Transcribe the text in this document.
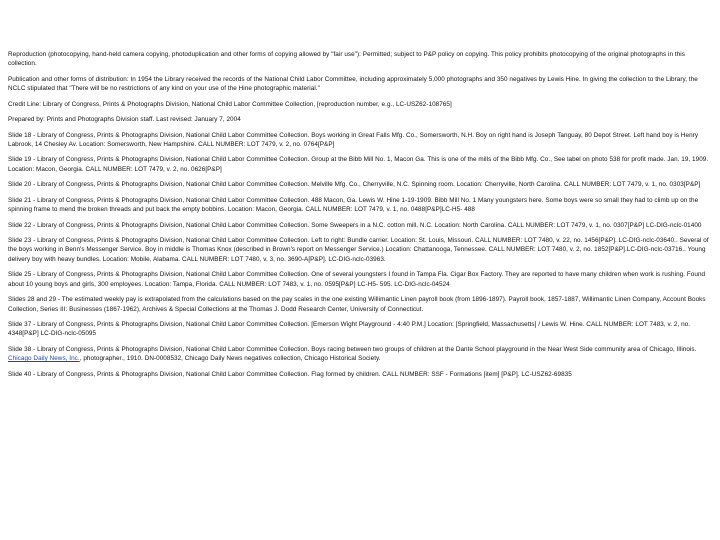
Reproduction (photocopying, hand-held camera copying, photoduplication and other forms of copying allowed by "fair use"): Permitted; subject to P&P policy on copying. This policy prohibits photocopying of the original photographs in this collection.

Publication and other forms of distribution: In 1954 the Library received the records of the National Child Labor Committee, including approximately 5,000 photographs and 350 negatives by Lewis Hine. In giving the collection to the Library, the NCLC stipulated that "There will be no restrictions of any kind on your use of the Hine photographic material."

Credit Line: Library of Congress, Prints & Photographs Division, National Child Labor Committee Collection, [reproduction number, e.g., LC-USZ62-108765]

Prepared by: Prints and Photographs Division staff. Last revised: January 7, 2004

Slide 18 - Library of Congress, Prints & Photographs Division, National Child Labor Committee Collection. Boys working in Great Falls Mfg. Co., Somersworth, N.H. Boy on right hand is Joseph Tanguay, 80 Depot Street. Left hand boy is Henry Labrook, 14 Chesley Av. Location: Somersworth, New Hampshire. CALL NUMBER: LOT 7479, v. 2, no. 0764[P&P]

Slide 19 - Library of Congress, Prints & Photographs Division, National Child Labor Committee Collection. Group at the Bibb Mill No. 1, Macon Ga. This is one of the mills of the Bibb Mfg. Co., See label on photo 538 for profit made. Jan. 19, 1909. Location: Macon, Georgia. CALL NUMBER: LOT 7479, v. 2, no. 0626[P&P]

Slide 20 - Library of Congress, Prints & Photographs Division, National Child Labor Committee Collection. Melville Mfg. Co., Cherryville, N.C. Spinning room. Location: Cherryville, North Carolina. CALL NUMBER: LOT 7479, v. 1, no. 0303[P&P]

Slide 21 - Library of Congress, Prints & Photographs Division, National Child Labor Committee Collection. 488 Macon, Ga. Lewis W. Hine 1-19-1909. Bibb Mill No. 1 Many youngsters here. Some boys were so small they had to climb up on the spinning frame to mend the broken threads and put back the empty bobbins. Location: Macon, Georgia. CALL NUMBER: LOT 7479, v. 1, no. 0488[P&P]LC-H5- 488

Slide 22 - Library of Congress, Prints & Photographs Division, National Child Labor Committee Collection. Some Sweepers in a N.C. cotton mill. N.C. Location: North Carolina. CALL NUMBER: LOT 7479, v. 1, no. 0307[P&P] LC-DIG-nclc-01400

Slide 23 - Library of Congress, Prints & Photographs Division, National Child Labor Committee Collection. Left to right: Bundle carrier. Location: St. Louis, Missouri. CALL NUMBER: LOT 7480, v. 22, no. 1456[P&P]. LC-DIG-nclc-03640.. Several of the boys working in Benn's Messenger Service. Boy in middle is Thomas Knox (described in Brown's report on Messenger Service.) Location: Chattanooga, Tennessee. CALL NUMBER: LOT 7480, v. 2, no. 1852[P&P].LC-DIG-nclc-03716.. Young delivery boy with heavy bundles. Location: Mobile, Alabama. CALL NUMBER: LOT 7480, v. 3, no. 3690-A[P&P]. LC-DIG-nclc-03963.

Slide 25 - Library of Congress, Prints & Photographs Division, National Child Labor Committee Collection. One of several youngsters I found in Tampa Fla. Cigar Box Factory. They are reported to have many children when work is rushing. Found about 10 young boys and girls, 300 employees. Location: Tampa, Florida. CALL NUMBER: LOT 7483, v. 1, no. 0595[P&P] LC-H5- 595. LC-DIG-nclc-04524

Slides 28 and 29 - The estimated weekly pay is extrapolated from the calculations based on the pay scales in the one existing Willimantic Linen payroll book (from 1896-1897). Payroll book, 1857-1887, Willimantic Linen Company, Account Books Collection, Series III: Businesses (1867-1962), Archives & Special Collections at the Thomas J. Dodd Research Center, University of Connecticut.

Slide 37 - Library of Congress, Prints & Photographs Division, National Child Labor Committee Collection. [Emerson Wight Playground - 4:40 P.M.] Location: [Springfield, Massachusetts] / Lewis W. Hine. CALL NUMBER: LOT 7483, v. 2, no. 4348[P&P] LC-DIG-nclc-05095

Slide 38 - Library of Congress, Prints & Photographs Division, National Child Labor Committee Collection. Boys racing between two groups of children at the Dante School playground in the Near West Side community area of Chicago, Illinois. Chicago Daily News, Inc., photographer., 1910. DN-0008532, Chicago Daily News negatives collection, Chicago Historical Society.

Slide 40 - Library of Congress, Prints & Photographs Division, National Child Labor Committee Collection. Flag formed by children. CALL NUMBER: SSF - Formations [item] [P&P]. LC-USZ62-69835
